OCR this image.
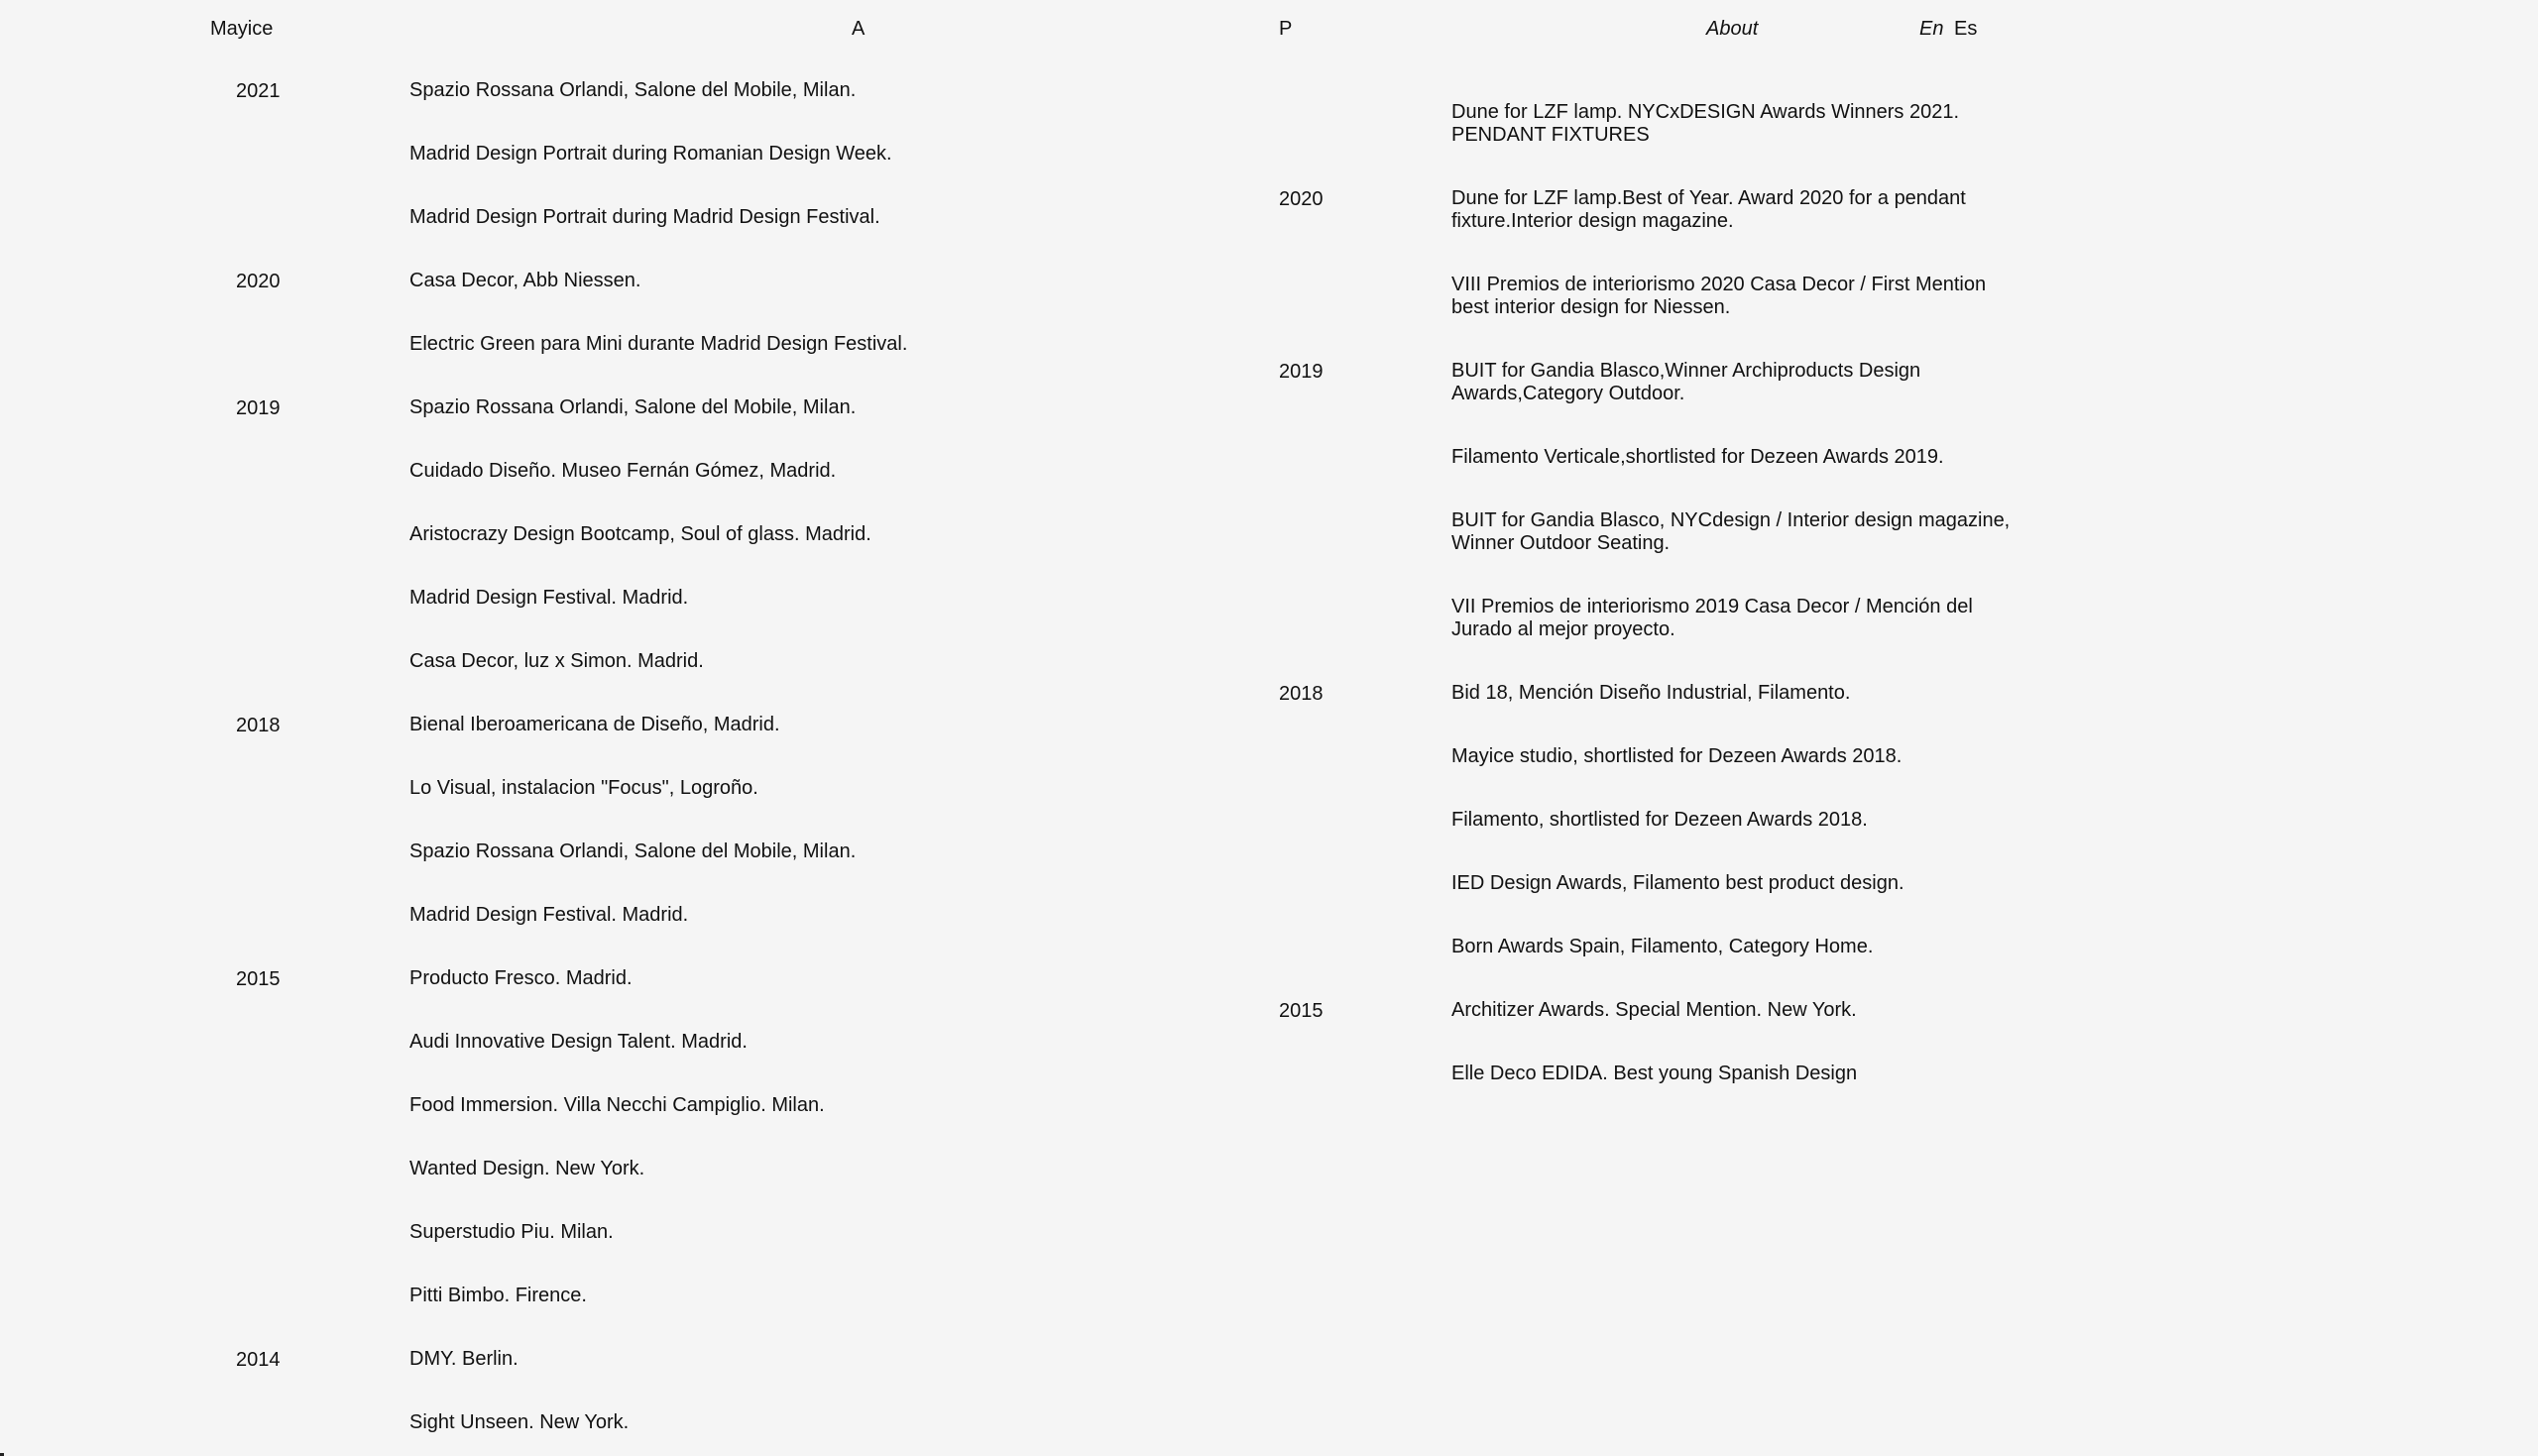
Mayice	A	P	About	En Es
2021	Spazio Rossana Orlandi, Salone del Mobile, Milan.
Madrid Design Portrait during Romanian Design Week.
Madrid Design Portrait during Madrid Design Festival.
2020	Casa Decor, Abb Niessen.
Electric Green para Mini durante Madrid Design Festival.
2019	Spazio Rossana Orlandi, Salone del Mobile, Milan.
Cuidado Diseño. Museo Fernán Gómez, Madrid.
Aristocrazy Design Bootcamp, Soul of glass. Madrid.
Madrid Design Festival. Madrid.
Casa Decor, luz x Simon. Madrid.
2018	Bienal Iberoamericana de Diseño, Madrid.
Lo Visual, instalacion "Focus", Logroño.
Spazio Rossana Orlandi, Salone del Mobile, Milan.
Madrid Design Festival. Madrid.
2015	Producto Fresco. Madrid.
Audi Innovative Design Talent. Madrid.
Food Immersion. Villa Necchi Campiglio. Milan.
Wanted Design. New York.
Superstudio Piu. Milan.
Pitti Bimbo. Firence.
2014	DMY. Berlin.
Sight Unseen. New York.
Dune for LZF lamp. NYCxDESIGN Awards Winners 2021.
PENDANT FIXTURES
2020	Dune for LZF lamp.Best of Year. Award 2020 for a pendant
fixture.Interior design magazine.
VIII Premios de interiorismo 2020 Casa Decor / First Mention
best interior design for Niessen.
2019	BUIT for Gandia Blasco,Winner Archiproducts Design
Awards,Category Outdoor.
Filamento Verticale,shortlisted for Dezeen Awards 2019.
BUIT for Gandia Blasco, NYCdesign / Interior design magazine,
Winner Outdoor Seating.
VII Premios de interiorismo 2019 Casa Decor / Mención del
Jurado al mejor proyecto.
2018	Bid 18, Mención Diseño Industrial, Filamento.
Mayice studio, shortlisted for Dezeen Awards 2018.
Filamento, shortlisted for Dezeen Awards 2018.
IED Design Awards, Filamento best product design.
Born Awards Spain, Filamento, Category Home.
2015	Architizer Awards. Special Mention. New York.
Elle Deco EDIDA. Best young Spanish Design
